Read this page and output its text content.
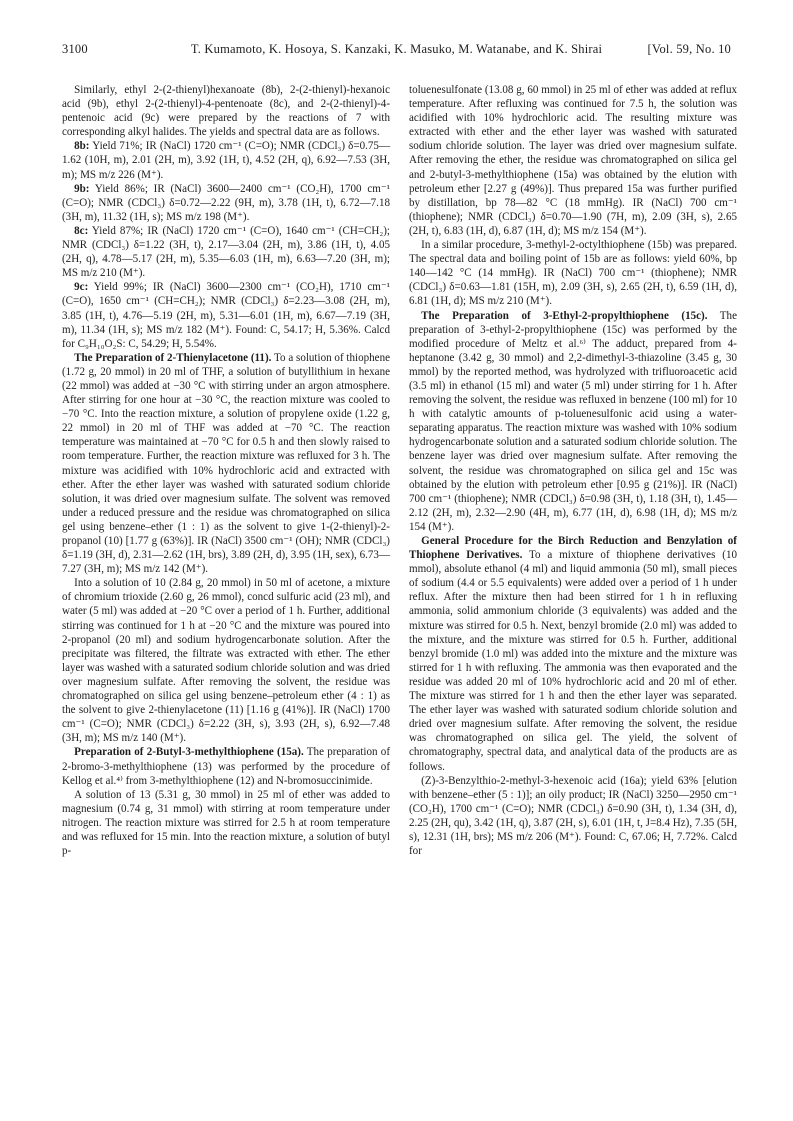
3100	T. Kumamoto, K. Hosoya, S. Kanzaki, K. Masuko, M. Watanabe, and K. Shirai	[Vol. 59, No. 10

Similarly, ethyl 2-(2-thienyl)hexanoate (8b), 2-(2-thienyl)-hexanoic acid (9b), ethyl 2-(2-thienyl)-4-pentenoate (8c), and 2-(2-thienyl)-4-pentenoic acid (9c) were prepared by the reactions of 7 with corresponding alkyl halides. The yields and spectral data are as follows.

8b: Yield 71%; IR (NaCl) 1720 cm⁻¹ (C=O); NMR (CDCl₃) δ=0.75—1.62 (10H, m), 2.01 (2H, m), 3.92 (1H, t), 4.52 (2H, q), 6.92—7.53 (3H, m); MS m/z 226 (M⁺).

9b: Yield 86%; IR (NaCl) 3600—2400 cm⁻¹ (CO₂H), 1700 cm⁻¹ (C=O); NMR (CDCl₃) δ=0.72—2.22 (9H, m), 3.78 (1H, t), 6.72—7.18 (3H, m), 11.32 (1H, s); MS m/z 198 (M⁺).

8c: Yield 87%; IR (NaCl) 1720 cm⁻¹ (C=O), 1640 cm⁻¹ (CH=CH₂); NMR (CDCl₃) δ=1.22 (3H, t), 2.17—3.04 (2H, m), 3.86 (1H, t), 4.05 (2H, q), 4.78—5.17 (2H, m), 5.35—6.03 (1H, m), 6.63—7.20 (3H, m); MS m/z 210 (M⁺).

9c: Yield 99%; IR (NaCl) 3600—2300 cm⁻¹ (CO₂H), 1710 cm⁻¹ (C=O), 1650 cm⁻¹ (CH=CH₂); NMR (CDCl₃) δ=2.23—3.08 (2H, m), 3.85 (1H, t), 4.76—5.19 (2H, m), 5.31—6.01 (1H, m), 6.67—7.19 (3H, m), 11.34 (1H, s); MS m/z 182 (M⁺). Found: C, 54.17; H, 5.36%. Calcd for C₉H₁₀O₂S: C, 54.29; H, 5.54%.

The Preparation of 2-Thienylacetone (11). To a solution of thiophene (1.72 g, 20 mmol) in 20 ml of THF, a solution of butyllithium in hexane (22 mmol) was added at −30 °C with stirring under an argon atmosphere. After stirring for one hour at −30 °C, the reaction mixture was cooled to −70 °C. Into the reaction mixture, a solution of propylene oxide (1.22 g, 22 mmol) in 20 ml of THF was added at −70 °C. The reaction temperature was maintained at −70 °C for 0.5 h and then slowly raised to room temperature. Further, the reaction mixture was refluxed for 3 h. The mixture was acidified with 10% hydrochloric acid and extracted with ether. After the ether layer was washed with saturated sodium chloride solution, it was dried over magnesium sulfate. The solvent was removed under a reduced pressure and the residue was chromatographed on silica gel using benzene–ether (1 : 1) as the solvent to give 1-(2-thienyl)-2-propanol (10) [1.77 g (63%)]. IR (NaCl) 3500 cm⁻¹ (OH); NMR (CDCl₃) δ=1.19 (3H, d), 2.31—2.62 (1H, brs), 3.89 (2H, d), 3.95 (1H, sex), 6.73—7.27 (3H, m); MS m/z 142 (M⁺).

Into a solution of 10 (2.84 g, 20 mmol) in 50 ml of acetone, a mixture of chromium trioxide (2.60 g, 26 mmol), concd sulfuric acid (23 ml), and water (5 ml) was added at −20 °C over a period of 1 h. Further, additional stirring was continued for 1 h at −20 °C and the mixture was poured into 2-propanol (20 ml) and sodium hydrogencarbonate solution. After the precipitate was filtered, the filtrate was extracted with ether. The ether layer was washed with a saturated sodium chloride solution and was dried over magnesium sulfate. After removing the solvent, the residue was chromatographed on silica gel using benzene–petroleum ether (4 : 1) as the solvent to give 2-thienylacetone (11) [1.16 g (41%)]. IR (NaCl) 1700 cm⁻¹ (C=O); NMR (CDCl₃) δ=2.22 (3H, s), 3.93 (2H, s), 6.92—7.48 (3H, m); MS m/z 140 (M⁺).

Preparation of 2-Butyl-3-methylthiophene (15a). The preparation of 2-bromo-3-methylthiophene (13) was performed by the procedure of Kellog et al.⁴⁾ from 3-methylthiophene (12) and N-bromosuccinimide.

A solution of 13 (5.31 g, 30 mmol) in 25 ml of ether was added to magnesium (0.74 g, 31 mmol) with stirring at room temperature under nitrogen. The reaction mixture was stirred for 2.5 h at room temperature and was refluxed for 15 min. Into the reaction mixture, a solution of butyl p-

toluenesulfonate (13.08 g, 60 mmol) in 25 ml of ether was added at reflux temperature. After refluxing was continued for 7.5 h, the solution was acidified with 10% hydrochloric acid. The resulting mixture was extracted with ether and the ether layer was washed with saturated sodium chloride solution. The layer was dried over magnesium sulfate. After removing the ether, the residue was chromatographed on silica gel and 2-butyl-3-methylthiophene (15a) was obtained by the elution with petroleum ether [2.27 g (49%)]. Thus prepared 15a was further purified by distillation, bp 78—82 °C (18 mmHg). IR (NaCl) 700 cm⁻¹ (thiophene); NMR (CDCl₃) δ=0.70—1.90 (7H, m), 2.09 (3H, s), 2.65 (2H, t), 6.83 (1H, d), 6.87 (1H, d); MS m/z 154 (M⁺).

In a similar procedure, 3-methyl-2-octylthiophene (15b) was prepared. The spectral data and boiling point of 15b are as follows: yield 60%, bp 140—142 °C (14 mmHg). IR (NaCl) 700 cm⁻¹ (thiophene); NMR (CDCl₃) δ=0.63—1.81 (15H, m), 2.09 (3H, s), 2.65 (2H, t), 6.59 (1H, d), 6.81 (1H, d); MS m/z 210 (M⁺).

The Preparation of 3-Ethyl-2-propylthiophene (15c). The preparation of 3-ethyl-2-propylthiophene (15c) was performed by the modified procedure of Meltz et al.⁶⁾ The adduct, prepared from 4-heptanone (3.42 g, 30 mmol) and 2,2-dimethyl-3-thiazoline (3.45 g, 30 mmol) by the reported method, was hydrolyzed with trifluoroacetic acid (3.5 ml) in ethanol (15 ml) and water (5 ml) under stirring for 1 h. After removing the solvent, the residue was refluxed in benzene (100 ml) for 10 h with catalytic amounts of p-toluenesulfonic acid using a water-separating apparatus. The reaction mixture was washed with 10% sodium hydrogencarbonate solution and a saturated sodium chloride solution. The benzene layer was dried over magnesium sulfate. After removing the solvent, the residue was chromatographed on silica gel and 15c was obtained by the elution with petroleum ether [0.95 g (21%)]. IR (NaCl) 700 cm⁻¹ (thiophene); NMR (CDCl₃) δ=0.98 (3H, t), 1.18 (3H, t), 1.45—2.12 (2H, m), 2.32—2.90 (4H, m), 6.77 (1H, d), 6.98 (1H, d); MS m/z 154 (M⁺).

General Procedure for the Birch Reduction and Benzylation of Thiophene Derivatives. To a mixture of thiophene derivatives (10 mmol), absolute ethanol (4 ml) and liquid ammonia (50 ml), small pieces of sodium (4.4 or 5.5 equivalents) were added over a period of 1 h under reflux. After the mixture then had been stirred for 1 h in refluxing ammonia, solid ammonium chloride (3 equivalents) was added and the mixture was stirred for 0.5 h. Next, benzyl bromide (2.0 ml) was added to the mixture, and the mixture was stirred for 0.5 h. Further, additional benzyl bromide (1.0 ml) was added into the mixture and the mixture was stirred for 1 h with refluxing. The ammonia was then evaporated and the residue was added 20 ml of 10% hydrochloric acid and 20 ml of ether. The mixture was stirred for 1 h and then the ether layer was separated. The ether layer was washed with saturated sodium chloride solution and dried over magnesium sulfate. After removing the solvent, the residue was chromatographed on silica gel. The yield, the solvent of chromatography, spectral data, and analytical data of the products are as follows.

(Z)-3-Benzylthio-2-methyl-3-hexenoic acid (16a); yield 63% [elution with benzene–ether (5 : 1)]; an oily product; IR (NaCl) 3250—2950 cm⁻¹ (CO₂H), 1700 cm⁻¹ (C=O); NMR (CDCl₃) δ=0.90 (3H, t), 1.34 (3H, d), 2.25 (2H, qu), 3.42 (1H, q), 3.87 (2H, s), 6.01 (1H, t, J=8.4 Hz), 7.35 (5H, s), 12.31 (1H, brs); MS m/z 206 (M⁺). Found: C, 67.06; H, 7.72%. Calcd for
